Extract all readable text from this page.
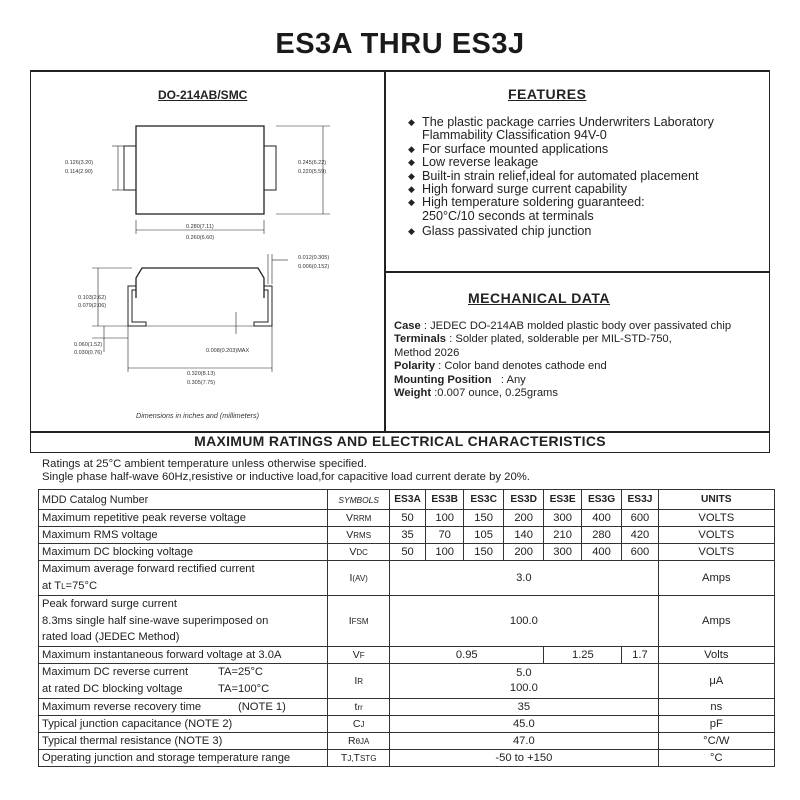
ES3A THRU ES3J
DO-214AB/SMC
0.126(3.20)
0.114(2.90)
0.245(6.22)
0.220(5.59)
0.280(7.11)
0.260(6.60)
0.012(0.305)
0.006(0.152)
0.103(2.62)
0.079(2.06)
0.060(1.52)
0.030(0.76)	0.008(0.203)MAX
0.320(8.13)
0.305(7.75)
Dimensions in inches and (millimeters)
FEATURES
◆ The plastic package carries Underwriters Laboratory
Flammability Classification 94V-0
◆ For surface mounted applications
◆ Low reverse leakage
◆ Built-in strain relief,ideal for automated placement
◆ High forward surge current capability
◆ High temperature soldering guaranteed:
250°C/10 seconds at terminals
◆ Glass passivated chip junction
MECHANICAL DATA
Case : JEDEC DO-214AB molded plastic body over passivated chip
Terminals : Solder plated, solderable per MIL-STD-750,
Method 2026
Polarity : Color band denotes cathode end
Mounting Position   : Any
Weight :0.007 ounce, 0.25grams
MAXIMUM RATINGS AND ELECTRICAL CHARACTERISTICS
Ratings at 25°C ambient temperature unless otherwise specified.
Single phase half-wave 60Hz,resistive or inductive load,for capacitive load current derate by 20%.
MDD Catalog Number	SYMBOLS	ES3A	ES3B	ES3C	ES3D	ES3E	ES3G	ES3J	UNITS
Maximum repetitive peak reverse voltage	VRRM	50	100	150	200	300	400	600	VOLTS
Maximum RMS voltage	VRMS	35	70	105	140	210	280	420	VOLTS
Maximum DC blocking voltage	VDC	50	100	150	200	300	400	600	VOLTS
Maximum average forward rectified current
at TL=75°C	I(AV)	3.0							Amps
Peak forward surge current
8.3ms single half sine-wave superimposed on
rated load (JEDEC Method)	IFSM	100.0							Amps
Maximum instantaneous forward voltage at 3.0A	VF	0.95				1.25		1.7	Volts
Maximum DC reverse current TA=25°C
at rated DC blocking voltage TA=100°C	IR	5.0
100.0							μA
Maximum reverse recovery time (NOTE 1)	trr	35							ns
Typical junction capacitance (NOTE 2)	CJ	45.0							pF
Typical thermal resistance (NOTE 3)	RθJA	47.0							°C/W
Operating junction and storage temperature range	TJ,TSTG	-50 to +150							°C
